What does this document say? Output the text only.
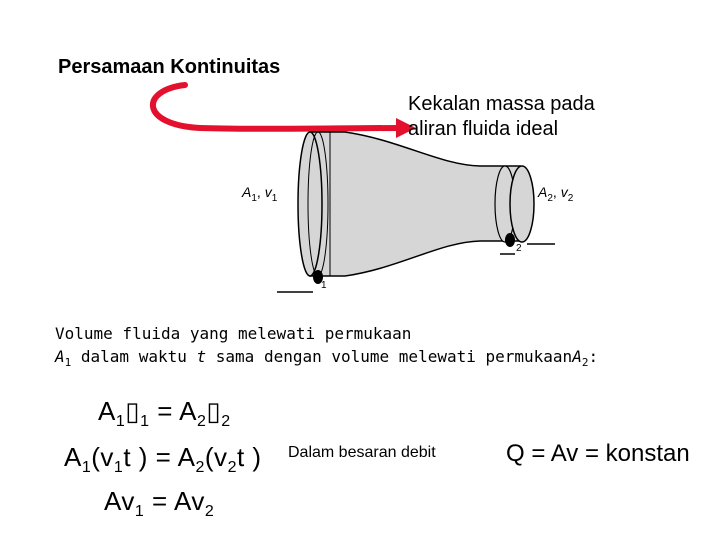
Persamaan Kontinuitas
Kekalan massa pada
aliran fluida ideal
$A_1$, $v_1$	$A_2$, $v_2$
1
2
Volume fluida yang melewati permukaan
$A_1$ dalam waktu t sama dengan volume melewati permukaanA$_2$:
$A_1▯_1$ = $A_2▯_2$
$A_1(v_1t$ ) = $A_2(v_2t$ )
$Av_1 = Av_2$
Dalam besaran debit	Q = Av = konstan
